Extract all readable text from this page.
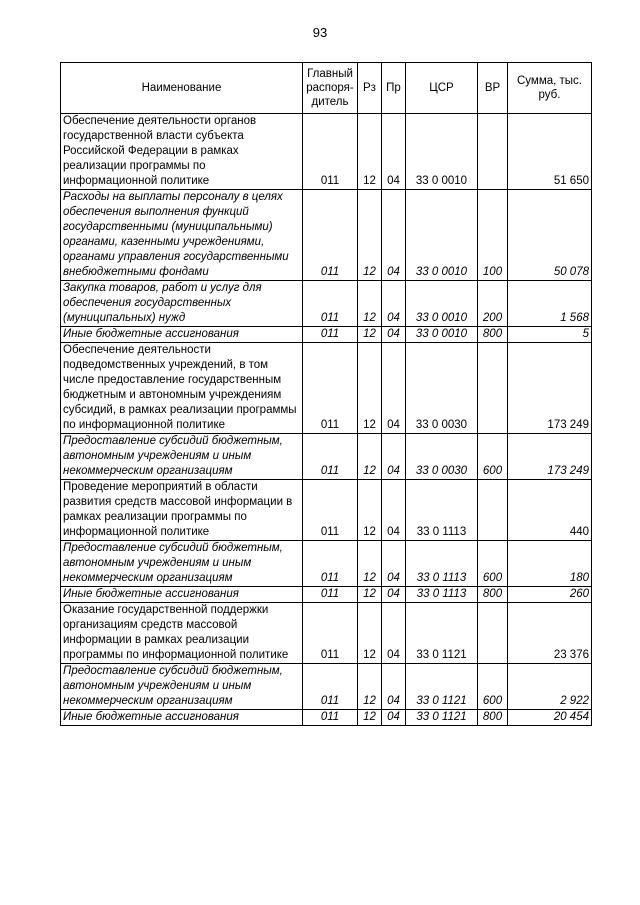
93
Наименование	Главный распоря-дитель	Рз	Пр	ЦСР	ВР	Сумма, тыс. руб.
Обеспечение деятельности органов государственной власти субъекта Российской Федерации в рамках реализации программы по информационной политике	011	12	04	33 0 0010		51 650
Расходы на выплаты персоналу в целях обеспечения выполнения функций государственными (муниципальными) органами, казенными учреждениями, органами управления государственными внебюджетными фондами	011	12	04	33 0 0010	100	50 078
Закупка товаров, работ и услуг для обеспечения государственных (муниципальных) нужд	011	12	04	33 0 0010	200	1 568
Иные бюджетные ассигнования	011	12	04	33 0 0010	800	5
Обеспечение деятельности подведомственных учреждений, в том числе предоставление государственным бюджетным и автономным учреждениям субсидий, в рамках реализации программы по информационной политике	011	12	04	33 0 0030		173 249
Предоставление субсидий бюджетным, автономным учреждениям и иным некоммерческим организациям	011	12	04	33 0 0030	600	173 249
Проведение мероприятий в области развития средств массовой информации в рамках реализации программы по информационной политике	011	12	04	33 0 1113		440
Предоставление субсидий бюджетным, автономным учреждениям и иным некоммерческим организациям	011	12	04	33 0 1113	600	180
Иные бюджетные ассигнования	011	12	04	33 0 1113	800	260
Оказание государственной поддержки организациям средств массовой информации в рамках реализации программы по информационной политике	011	12	04	33 0 1121		23 376
Предоставление субсидий бюджетным, автономным учреждениям и иным некоммерческим организациям	011	12	04	33 0 1121	600	2 922
Иные бюджетные ассигнования	011	12	04	33 0 1121	800	20 454
